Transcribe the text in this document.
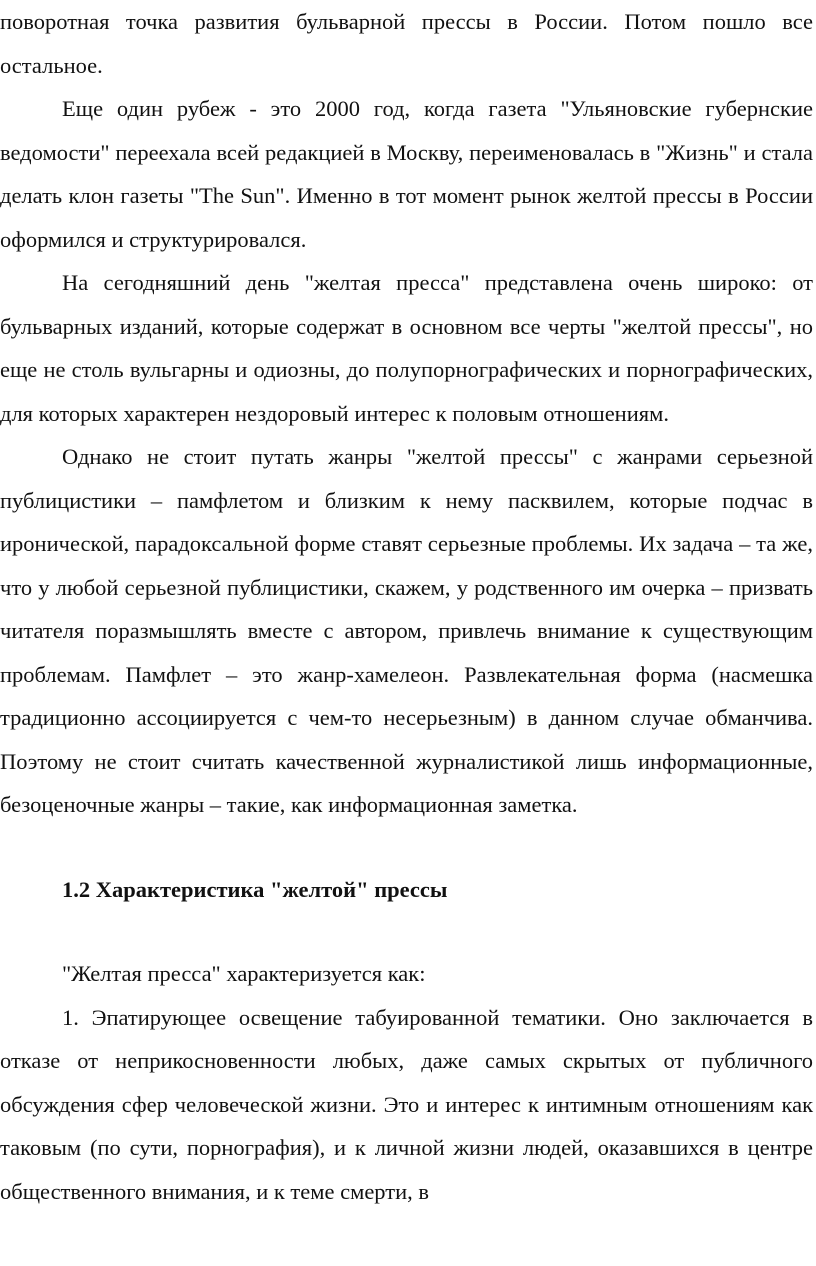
поворотная точка развития бульварной прессы в России. Потом пошло все остальное.

Еще один рубеж - это 2000 год, когда газета "Ульяновские губернские ведомости" переехала всей редакцией в Москву, переименовалась в "Жизнь" и стала делать клон газеты "The Sun". Именно в тот момент рынок желтой прессы в России оформился и структурировался.

На сегодняшний день "желтая пресса" представлена очень широко: от бульварных изданий, которые содержат в основном все черты "желтой прессы", но еще не столь вульгарны и одиозны, до полупорнографических и порнографических, для которых характерен нездоровый интерес к половым отношениям.

Однако не стоит путать жанры "желтой прессы" с жанрами серьезной публицистики – памфлетом и близким к нему пасквилем, которые подчас в иронической, парадоксальной форме ставят серьезные проблемы. Их задача – та же, что у любой серьезной публицистики, скажем, у родственного им очерка – призвать читателя поразмышлять вместе с автором, привлечь внимание к существующим проблемам. Памфлет – это жанр-хамелеон. Развлекательная форма (насмешка традиционно ассоциируется с чем-то несерьезным) в данном случае обманчива. Поэтому не стоит считать качественной журналистикой лишь информационные, безоценочные жанры – такие, как информационная заметка.

1.2 Характеристика "желтой" прессы

"Желтая пресса" характеризуется как:

1. Эпатирующее освещение табуированной тематики. Оно заключается в отказе от неприкосновенности любых, даже самых скрытых от публичного обсуждения сфер человеческой жизни. Это и интерес к интимным отношениям как таковым (по сути, порнография), и к личной жизни людей, оказавшихся в центре общественного внимания, и к теме смерти, в
